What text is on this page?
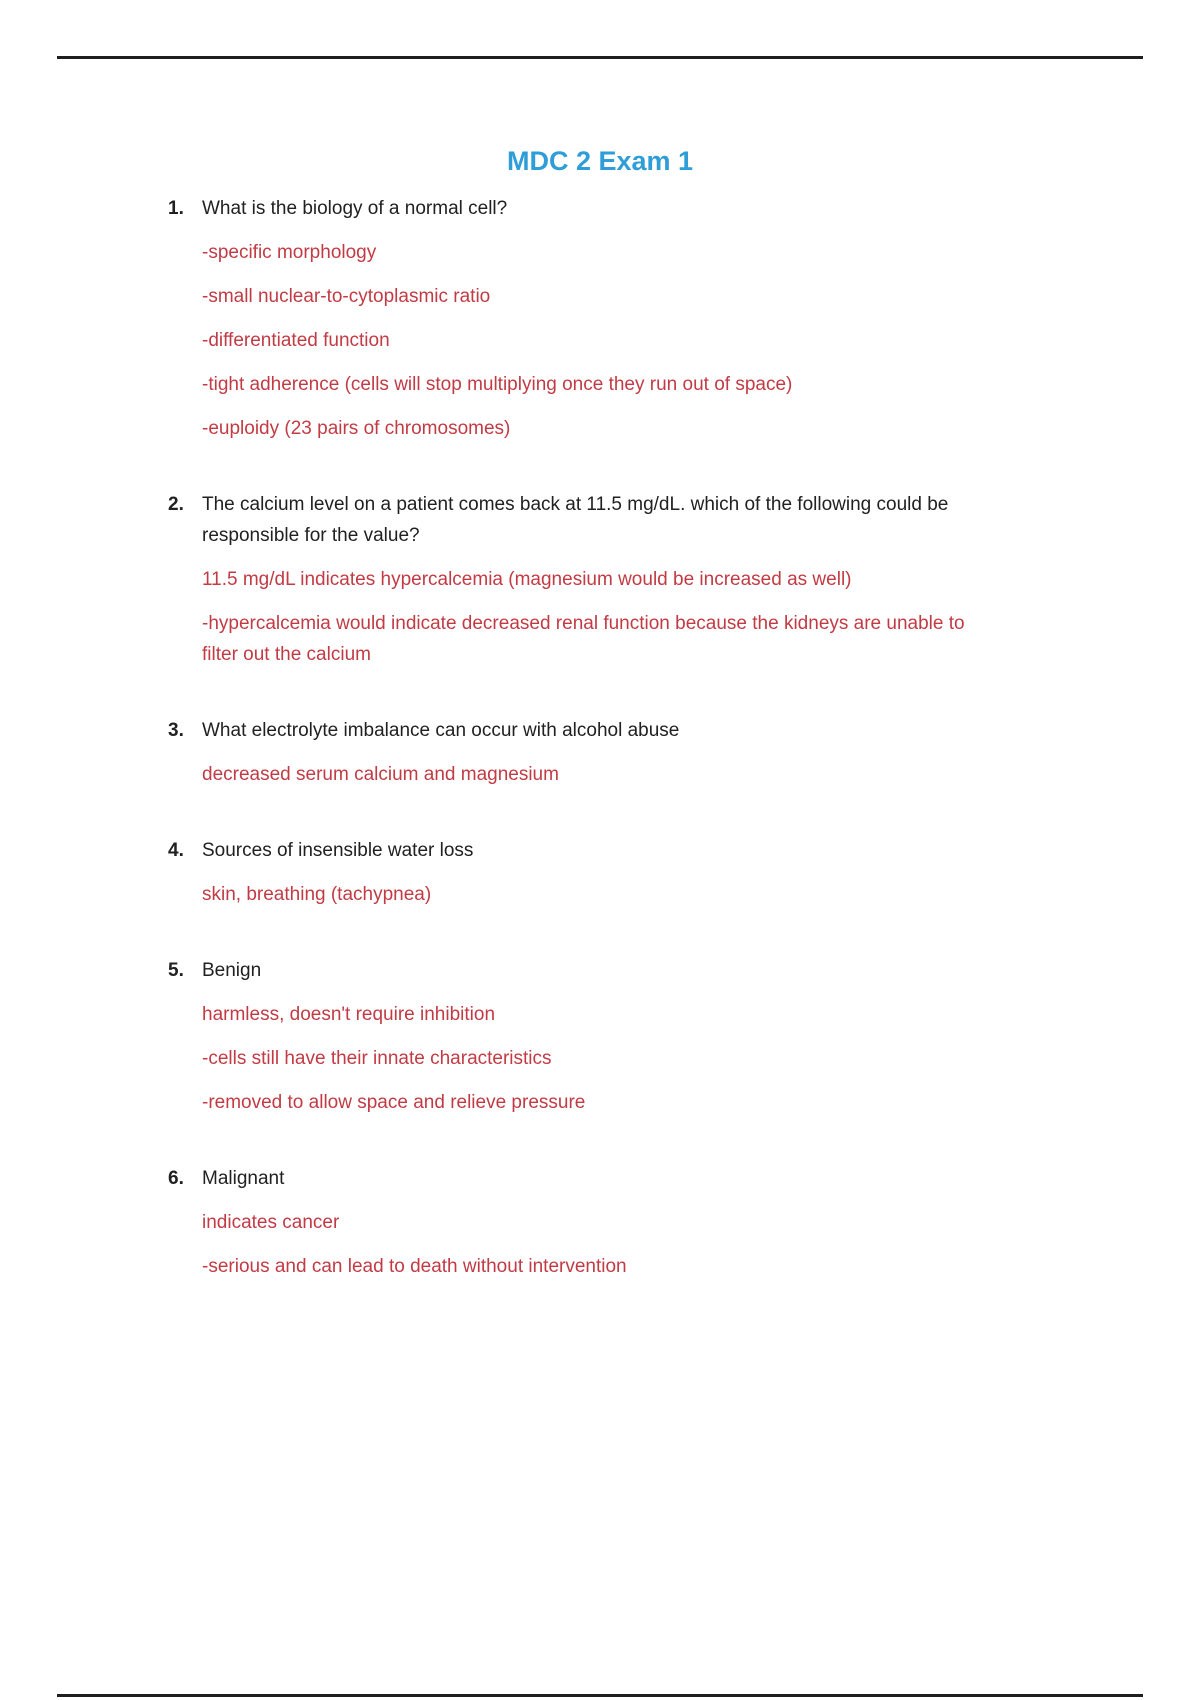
MDC 2 Exam 1
1. What is the biology of a normal cell?

-specific morphology

-small nuclear-to-cytoplasmic ratio

-differentiated function

-tight adherence (cells will stop multiplying once they run out of space)

-euploidy (23 pairs of chromosomes)

2. The calcium level on a patient comes back at 11.5 mg/dL. which of the following could be responsible for the value?

11.5 mg/dL indicates hypercalcemia (magnesium would be increased as well)

-hypercalcemia would indicate decreased renal function because the kidneys are unable to filter out the calcium

3. What electrolyte imbalance can occur with alcohol abuse

decreased serum calcium and magnesium

4. Sources of insensible water loss

skin, breathing (tachypnea)

5. Benign

harmless, doesn't require inhibition

-cells still have their innate characteristics

-removed to allow space and relieve pressure

6. Malignant

indicates cancer

-serious and can lead to death without intervention
